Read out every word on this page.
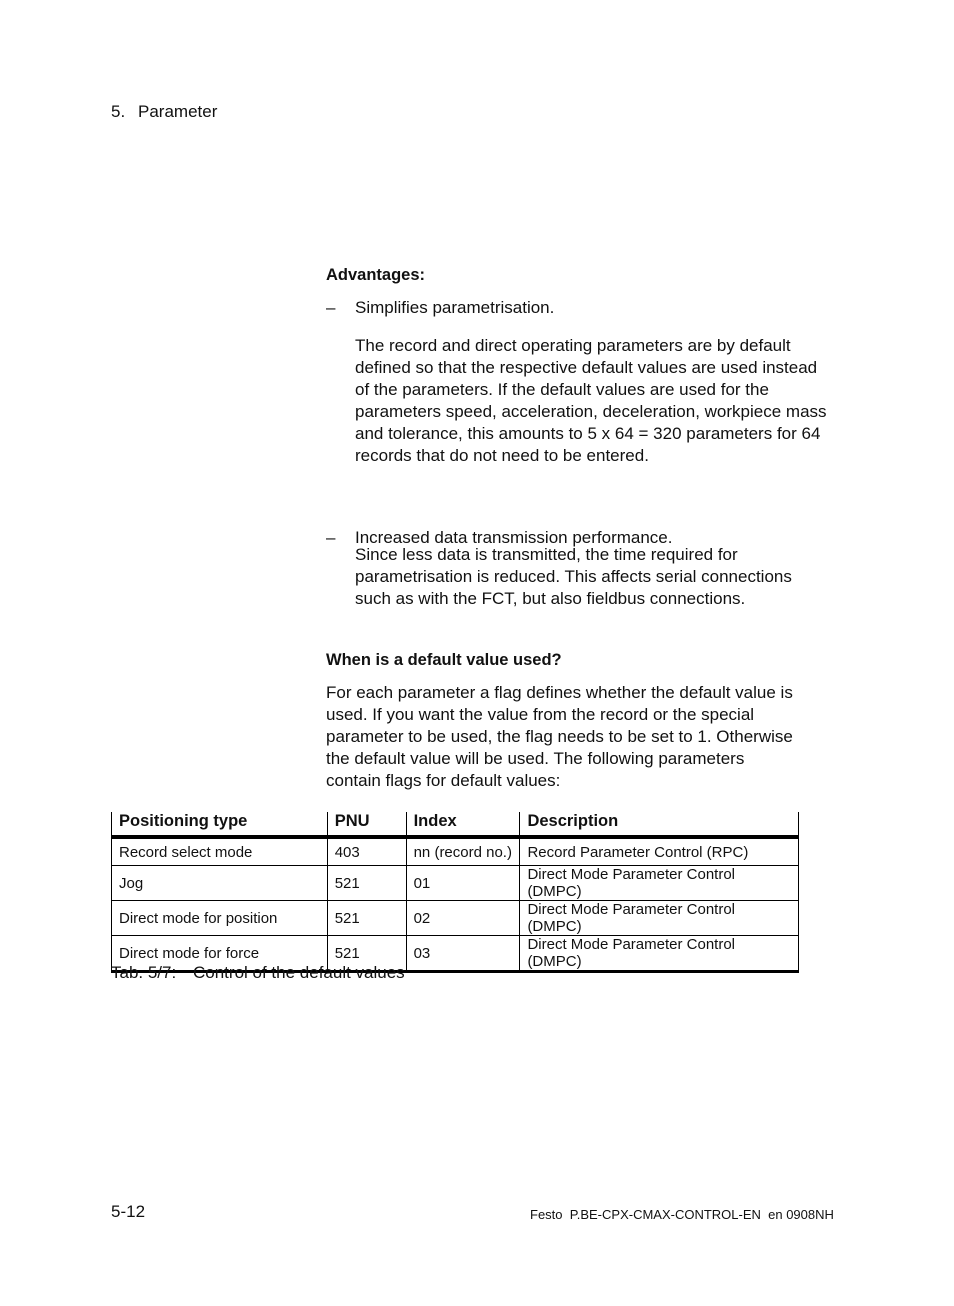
5. Parameter
Advantages:
– Simplifies parametrisation.

The record and direct operating parameters are by default defined so that the respective default values are used instead of the parameters. If the default values are used for the parameters speed, acceleration, deceleration, workpiece mass and tolerance, this amounts to 5 x 64 = 320 parameters for 64 records that do not need to be entered.

– Increased data transmission performance.

Since less data is transmitted, the time required for parametrisation is reduced. This affects serial connections such as with the FCT, but also fieldbus connections.

When is a default value used?

For each parameter a flag defines whether the default value is used. If you want the value from the record or the special parameter to be used, the flag needs to be set to 1. Otherwise the default value will be used. The following parameters contain flags for default values:

Positioning type	PNU	Index	Description
Record select mode	403	nn (record no.)	Record Parameter Control (RPC)
Jog	521	01	Direct Mode Parameter Control (DMPC)
Direct mode for position	521	02	Direct Mode Parameter Control (DMPC)
Direct mode for force	521	03	Direct Mode Parameter Control (DMPC)
Tab. 5/7: Control of the default values
5-12	Festo  P.BE-CPX-CMAX-CONTROL-EN  en 0908NH
